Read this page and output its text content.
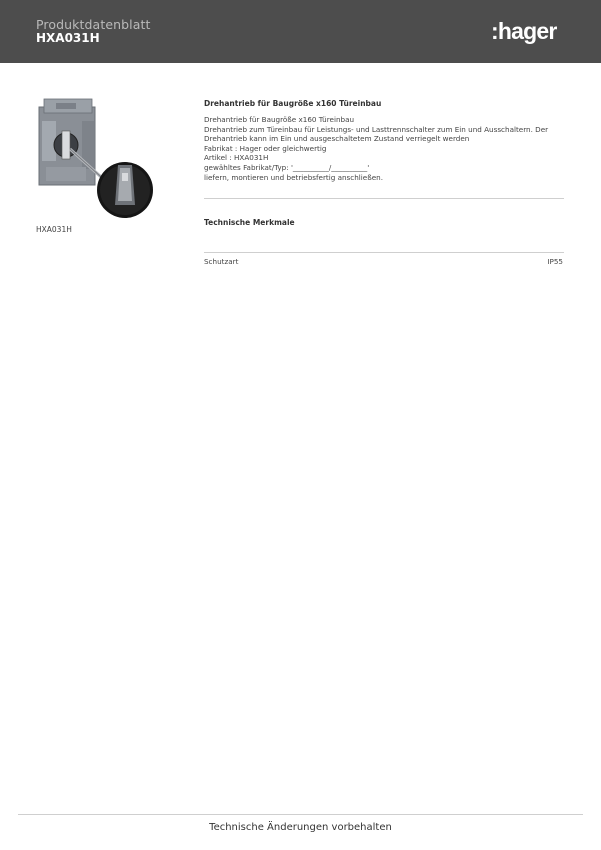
Produktdatenblatt
HXA031H	:hager
HXA031H
Drehantrieb für Baugröße x160 Türeinbau
Drehantrieb für Baugröße x160 Türeinbau
Drehantrieb zum Türeinbau für Leistungs- und Lasttrennschalter zum Ein und Ausschaltern. Der
Drehantrieb kann im Ein und ausgeschaltetem Zustand verriegelt werden
Fabrikat : Hager oder gleichwertig
Artikel : HXA031H
gewähltes Fabrikat/Typ: '__________/__________'
liefern, montieren und betriebsfertig anschließen.
Technische Merkmale
Schutzart	IP55
Technische Änderungen vorbehalten
